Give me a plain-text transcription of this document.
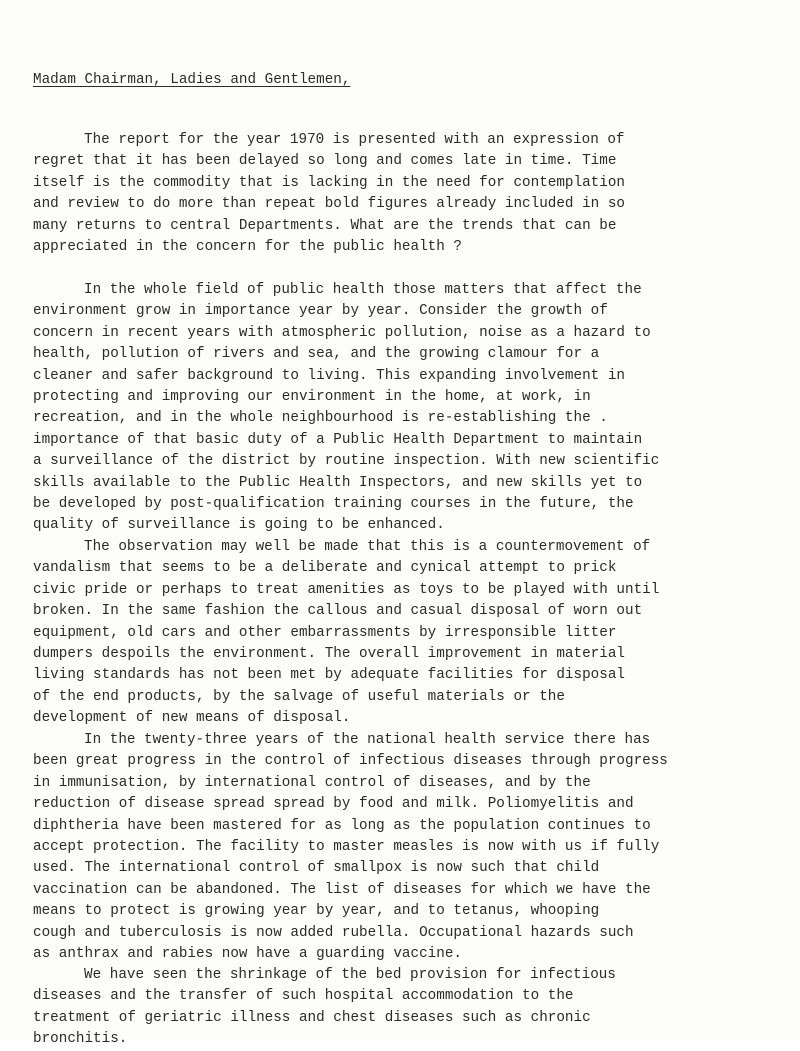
Madam Chairman, Ladies and Gentlemen,
The report for the year 1970 is presented with an expression of
regret that it has been delayed so long and comes late in time. Time
itself is the commodity that is lacking in the need for contemplation
and review to do more than repeat bold figures already included in so
many returns to central Departments. What are the trends that can be
appreciated in the concern for the public health ?
In the whole field of public health those matters that affect the
environment grow in importance year by year. Consider the growth of
concern in recent years with atmospheric pollution, noise as a hazard to
health, pollution of rivers and sea, and the growing clamour for a
cleaner and safer background to living. This expanding involvement in
protecting and improving our environment in the home, at work, in
recreation, and in the whole neighbourhood is re-establishing the .
importance of that basic duty of a Public Health Department to maintain
a surveillance of the district by routine inspection. With new scientific
skills available to the Public Health Inspectors, and new skills yet to
be developed by post-qualification training courses in the future, the
quality of surveillance is going to be enhanced.
The observation may well be made that this is a countermovement of
vandalism that seems to be a deliberate and cynical attempt to prick
civic pride or perhaps to treat amenities as toys to be played with until
broken. In the same fashion the callous and casual disposal of worn out
equipment, old cars and other embarrassments by irresponsible litter
dumpers despoils the environment. The overall improvement in material
living standards has not been met by adequate facilities for disposal
of the end products, by the salvage of useful materials or the
development of new means of disposal.
In the twenty-three years of the national health service there has
been great progress in the control of infectious diseases through progress
in immunisation, by international control of diseases, and by the
reduction of disease spread spread by food and milk. Poliomyelitis and
diphtheria have been mastered for as long as the population continues to
accept protection. The facility to master measles is now with us if fully
used. The international control of smallpox is now such that child
vaccination can be abandoned. The list of diseases for which we have the
means to protect is growing year by year, and to tetanus, whooping
cough and tuberculosis is now added rubella. Occupational hazards such
as anthrax and rabies now have a guarding vaccine.
We have seen the shrinkage of the bed provision for infectious
diseases and the transfer of such hospital accommodation to the
treatment of geriatric illness and chest diseases such as chronic
bronchitis.
